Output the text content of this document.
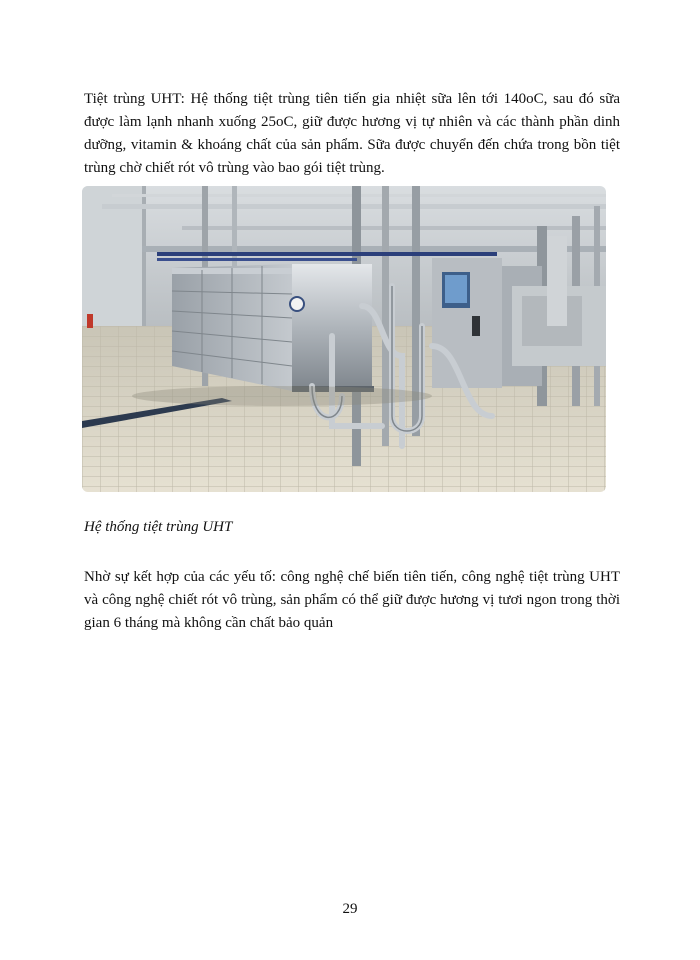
Tiệt trùng UHT: Hệ thống tiệt trùng tiên tiến gia nhiệt sữa lên tới 140oC, sau đó sữa được làm lạnh nhanh xuống 25oC, giữ được hương vị tự nhiên và các thành phần dinh dưỡng, vitamin & khoáng chất của sản phẩm. Sữa được chuyển đến chứa trong bồn tiệt trùng chờ chiết rót vô trùng vào bao gói tiệt trùng.

Hệ thống tiệt trùng UHT

Nhờ sự kết hợp của các yếu tố: công nghệ chế biến tiên tiến, công nghệ tiệt trùng UHT và công nghệ chiết rót vô trùng, sản phẩm có thể giữ được hương vị tươi ngon trong thời gian 6 tháng mà không cần chất bảo quản

29
